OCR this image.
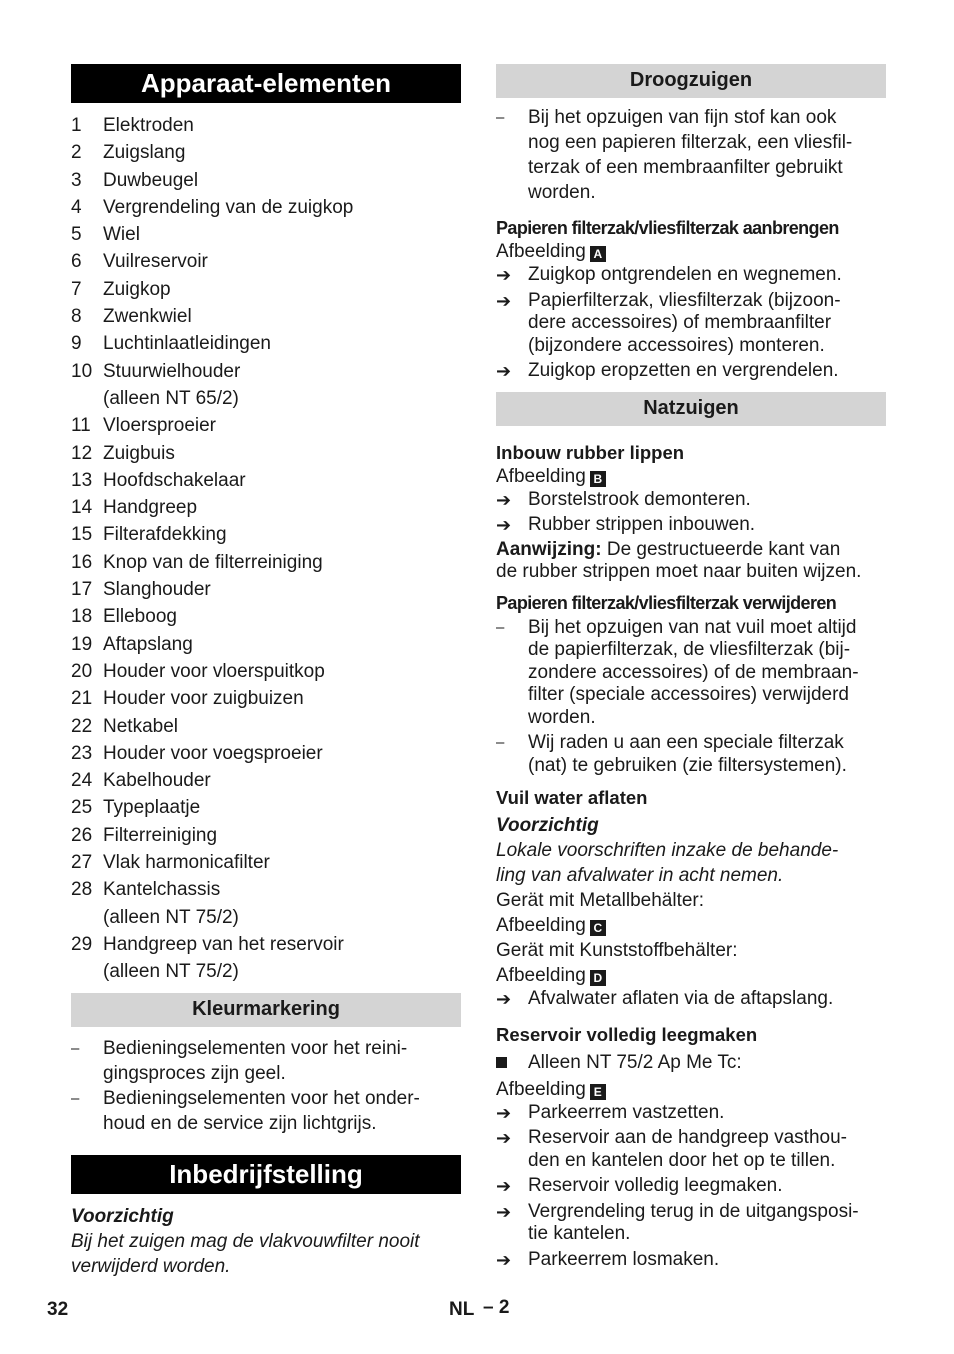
Apparaat-elementen
1	Elektroden
2	Zuigslang
3	Duwbeugel
4	Vergrendeling van de zuigkop
5	Wiel
6	Vuilreservoir
7	Zuigkop
8	Zwenkwiel
9	Luchtinlaatleidingen
10 Stuurwielhouder
(alleen NT 65/2)
11 Vloersproeier
12 Zuigbuis
13 Hoofdschakelaar
14 Handgreep
15 Filterafdekking
16 Knop van de filterreiniging
17 Slanghouder
18 Elleboog
19 Aftapslang
20 Houder voor vloerspuitkop
21 Houder voor zuigbuizen
22 Netkabel
23 Houder voor voegsproeier
24 Kabelhouder
25 Typeplaatje
26 Filterreiniging
27 Vlak harmonicafilter
28 Kantelchassis
(alleen NT 75/2)
29 Handgreep van het reservoir
(alleen NT 75/2)
Kleurmarkering
–	Bedieningselementen voor het reini-
gingsproces zijn geel.
–	Bedieningselementen voor het onder-
houd en de service zijn lichtgrijs.
Inbedrijfstelling
Voorzichtig
Bij het zuigen mag de vlakvouwfilter nooit
verwijderd worden.
Droogzuigen
–	Bij het opzuigen van fijn stof kan ook
nog een papieren filterzak, een vliesfil-
terzak of een membraanfilter gebruikt
worden.
Papieren filterzak/vliesfilterzak aanbrengen
Afbeelding A
➔ Zuigkop ontgrendelen en wegnemen.
➔ Papierfilterzak, vliesfilterzak (bijzoon-
dere accessoires) of membraanfilter
(bijzondere accessoires) monteren.
➔ Zuigkop eropzetten en vergrendelen.
Natzuigen
Inbouw rubber lippen
Afbeelding B
➔ Borstelstrook demonteren.
➔ Rubber strippen inbouwen.
Aanwijzing: De gestructueerde kant van
de rubber strippen moet naar buiten wijzen.
Papieren filterzak/vliesfilterzak verwijderen
–	Bij het opzuigen van nat vuil moet altijd
de papierfilterzak, de vliesfilterzak (bij-
zondere accessoires) of de membraan-
filter (speciale accessoires) verwijderd
worden.
–	Wij raden u aan een speciale filterzak
(nat) te gebruiken (zie filtersystemen).
Vuil water aflaten
Voorzichtig
Lokale voorschriften inzake de behande-
ling van afvalwater in acht nemen.
Gerät mit Metallbehälter:
Afbeelding C
Gerät mit Kunststoffbehälter:
Afbeelding D
➔ Afvalwater aflaten via de aftapslang.
Reservoir volledig leegmaken
Alleen NT 75/2 Ap Me Tc:
Afbeelding E
➔ Parkeerrem vastzetten.
➔ Reservoir aan de handgreep vasthou-
den en kantelen door het op te tillen.
➔ Reservoir volledig leegmaken.
➔ Vergrendeling terug in de uitgangsposi-
tie kantelen.
➔ Parkeerrem losmaken.
32	NL – 2
